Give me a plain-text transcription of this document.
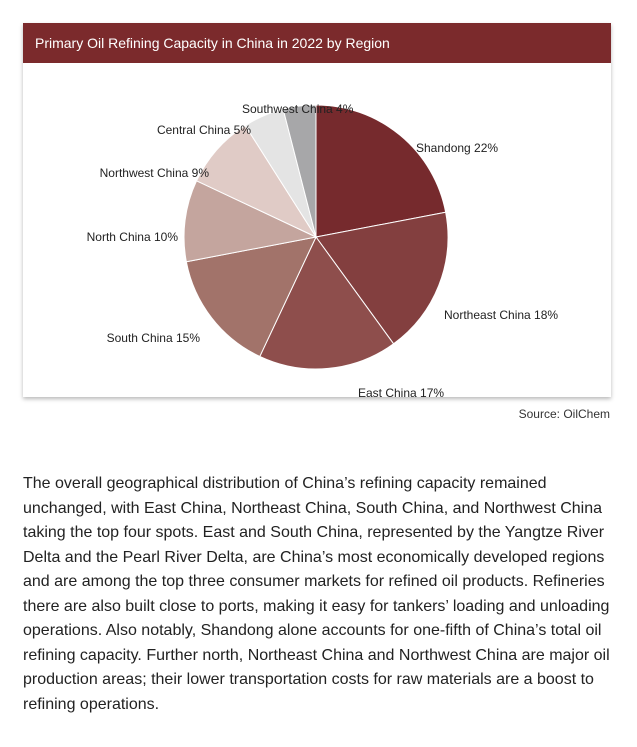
Primary Oil Refining Capacity in China in 2022 by Region
Shandong 22%
Northeast China 18%
East China 17%
South China 15%
North China 10%
Northwest China 9%
Central China 5%
Southwest China 4%
Source: OilChem

The overall geographical distribution of China’s refining capacity remained unchanged, with East China, Northeast China, South China, and Northwest China taking the top four spots. East and South China, represented by the Yangtze River Delta and the Pearl River Delta, are China’s most economically developed regions and are among the top three consumer markets for refined oil products. Refineries there are also built close to ports, making it easy for tankers’ loading and unloading operations. Also notably, Shandong alone accounts for one-fifth of China’s total oil refining capacity. Further north, Northeast China and Northwest China are major oil production areas; their lower transportation costs for raw materials are a boost to refining operations.
